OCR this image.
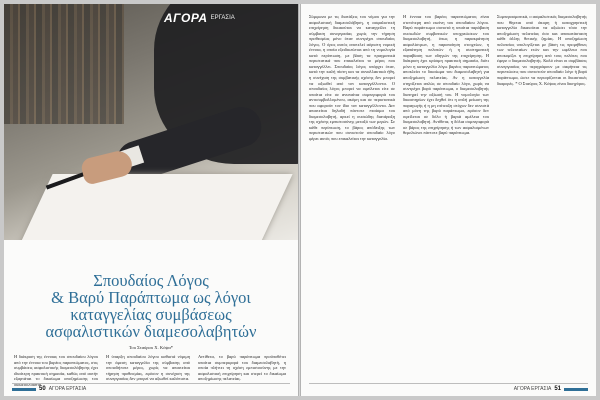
ΑΓΟΡΑ ΕΡΓΑΣΙΑ
Σπουδαίος Λόγος
& Βαρύ Παράπτωμα ως λόγοι
καταγγελίας συμβάσεως
ασφαλιστικών διαμεσολαβητών
Του Σταύρου Χ. Κόψα*
Η διάκριση της έννοιας του σπουδαίου λόγου από την έννοια του βαρέος παραπτώματος, στις συμβάσεις ασφαλιστικής διαμεσολάβησης έχει ιδιαίτερη πρακτική σημασία, καθώς από αυτήν εξαρτάται το δικαίωμα αποζημίωσης του
Η ύπαρξη σπουδαίου λόγου καθιστά νόμιμη την άμεση καταγγελία της σύμβασης από οποιοδήποτε μέρος, χωρίς να απαιτείται τήρηση προθεσμίας, εφόσον η συνέχιση της συνεργασίας δεν μπορεί να αξιωθεί καλόπιστα.
Αντίθετα, το βαρύ παράπτωμα προϋποθέτει υπαίτια συμπεριφορά του διαμεσολαβητή, η οποία πλήττει τη σχέση εμπιστοσύνης με την ασφαλιστική επιχείρηση και στερεί το δικαίωμα αποζημίωσης πελατείας.
50 ΑΓΟΡΑ ΕΡΓΑΣΙΑ
Σύμφωνα με τις διατάξεις του νόμου για την ασφαλιστική διαμεσολάβηση, η ασφαλιστική επιχείρηση δικαιούται να καταγγείλει τη σύμβαση συνεργασίας χωρίς την τήρηση προθεσμίας μόνο όταν συντρέχει σπουδαίος λόγος. Ο όρος αυτός αποτελεί αόριστη νομική έννοια, η οποία εξειδικεύεται από τη νομολογία κατά περίπτωση, με βάση τα πραγματικά περιστατικά που επικαλείται το μέρος που καταγγέλλει. Σπουδαίος λόγος υπάρχει όταν, κατά την καλή πίστη και τα συναλλακτικά ήθη, η συνέχιση της συμβατικής σχέσης δεν μπορεί να αξιωθεί από τον καταγγέλλοντα. Ο σπουδαίος λόγος μπορεί να οφείλεται είτε σε υπαίτια είτε σε ανυπαίτια συμπεριφορά του αντισυμβαλλομένου, ακόμη και σε περιστατικά που αφορούν τον ίδιο τον καταγγέλλοντα. Δεν απαιτείται δηλαδή πάντοτε πταίσμα του διαμεσολαβητή, αρκεί η ουσιώδης διατάραξη της σχέσης εμπιστοσύνης μεταξύ των μερών. Σε κάθε περίπτωση, το βάρος απόδειξης των περιστατικών που συνιστούν σπουδαίο λόγο φέρει αυτός που επικαλείται την καταγγελία.
Η έννοια του βαρέος παραπτώματος είναι στενότερη από εκείνη του σπουδαίου λόγου. Βαρύ παράπτωμα συνιστά η υπαίτια παράβαση ουσιωδών συμβατικών υποχρεώσεων του διαμεσολαβητή, όπως η παρακράτηση ασφαλίστρων, η παραποίηση στοιχείων, η εξαπάτηση πελατών ή η συστηματική παραβίαση των οδηγιών της επιχείρησης. Η διάκριση έχει κρίσιμη πρακτική σημασία, διότι μόνο η καταγγελία λόγω βαρέος παραπτώματος αποκλείει το δικαίωμα του διαμεσολαβητή για αποζημίωση πελατείας. Αν η καταγγελία στηρίζεται απλώς σε σπουδαίο λόγο, χωρίς να συντρέχει βαρύ παράπτωμα, ο διαμεσολαβητής διατηρεί την αξίωσή του. Η νομολογία των δικαστηρίων έχει δεχθεί ότι η απλή μείωση της παραγωγής ή η μη επίτευξη στόχων δεν συνιστά από μόνη της βαρύ παράπτωμα, εφόσον δεν οφείλεται σε δόλο ή βαριά αμέλεια του διαμεσολαβητή. Αντίθετα, η δόλια συμπεριφορά σε βάρος της επιχείρησης ή των ασφαλισμένων θεμελιώνει πάντοτε βαρύ παράπτωμα.
Συμπερασματικά, ο ασφαλιστικός διαμεσολαβητής που θίγεται από άκυρη ή καταχρηστική καταγγελία δικαιούται να αξιώσει τόσο την αποζημίωση πελατείας όσο και αποκατάσταση κάθε άλλης θετικής ζημίας. Η αποζημίωση πελατείας υπολογίζεται με βάση τις προμήθειες των τελευταίων ετών και την ωφέλεια που αποκομίζει η επιχείρηση από τους πελάτες που έφερε ο διαμεσολαβητής. Καλό είναι οι συμβάσεις συνεργασίας να περιγράφουν με σαφήνεια τις περιπτώσεις που συνιστούν σπουδαίο λόγο ή βαρύ παράπτωμα, ώστε να περιορίζονται οι δικαστικές διαφορές. * Ο Σταύρος Χ. Κόψας είναι δικηγόρος.
ΑΓΟΡΑ ΕΡΓΑΣΙΑ 51
